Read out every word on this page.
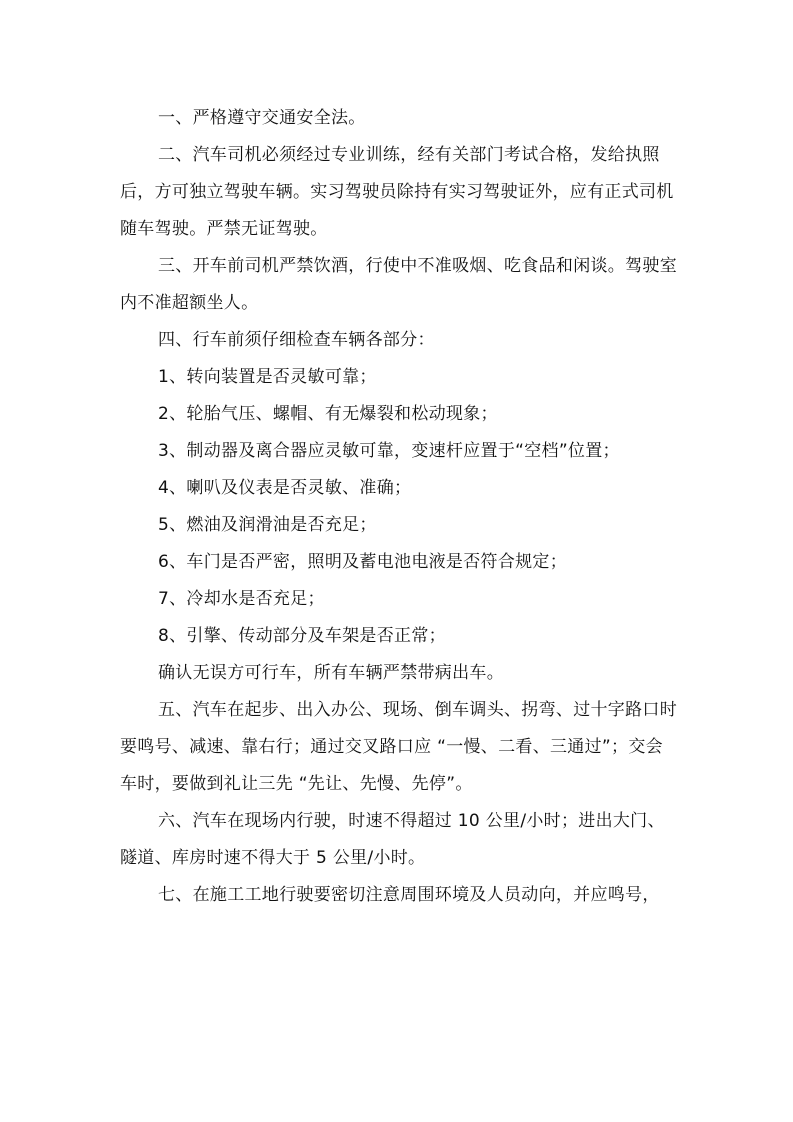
一、严格遵守交通安全法。

二、汽车司机必须经过专业训练，经有关部门考试合格，发给执照后，方可独立驾驶车辆。实习驾驶员除持有实习驾驶证外，应有正式司机随车驾驶。严禁无证驾驶。

三、开车前司机严禁饮酒，行使中不准吸烟、吃食品和闲谈。驾驶室内不准超额坐人。

四、行车前须仔细检查车辆各部分：

1、转向装置是否灵敏可靠；

2、轮胎气压、螺帽、有无爆裂和松动现象；

3、制动器及离合器应灵敏可靠，变速杆应置于“空档”位置；

4、喇叭及仪表是否灵敏、准确；

5、燃油及润滑油是否充足；

6、车门是否严密，照明及蓄电池电液是否符合规定；

7、冷却水是否充足；

8、引擎、传动部分及车架是否正常；

确认无误方可行车，所有车辆严禁带病出车。

五、汽车在起步、出入办公、现场、倒车调头、拐弯、过十字路口时要鸣号、减速、靠右行；通过交叉路口应 “一慢、二看、三通过”；交会车时，要做到礼让三先 “先让、先慢、先停”。

六、汽车在现场内行驶，时速不得超过 10 公里/小时；进出大门、隧道、库房时速不得大于 5 公里/小时。

七、在施工工地行驶要密切注意周围环境及人员动向，并应鸣号，
